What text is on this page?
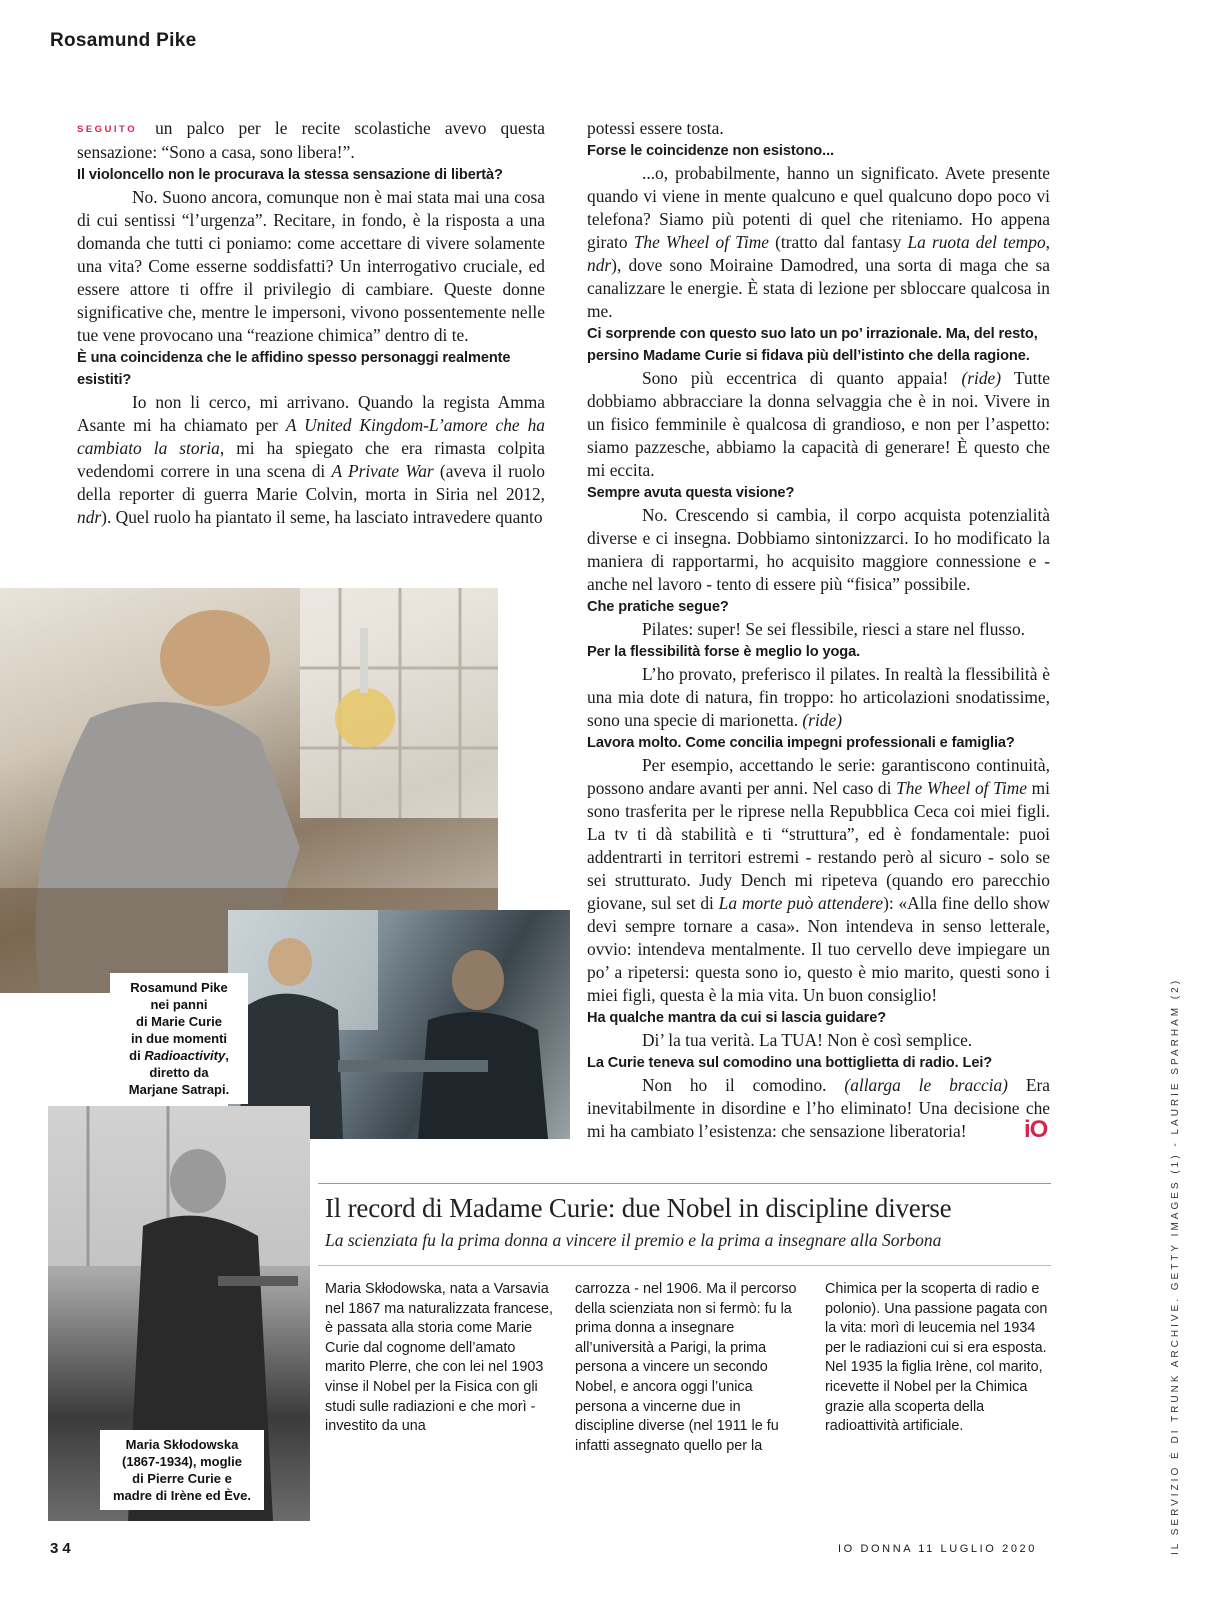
Rosamund Pike

SEGUITO un palco per le recite scolastiche avevo questa sensazione: “Sono a casa, sono libera!”.

Il violoncello non le procurava la stessa sensazione di libertà?

No. Suono ancora, comunque non è mai stata mai una cosa di cui sentissi “l’urgenza”. Recitare, in fondo, è la risposta a una domanda che tutti ci poniamo: come accettare di vivere solamente una vita? Come esserne soddisfatti? Un interrogativo cruciale, ed essere attore ti offre il privilegio di cambiare. Queste donne significative che, mentre le impersoni, vivono possentemente nelle tue vene provocano una “reazione chimica” dentro di te.

È una coincidenza che le affidino spesso personaggi realmente esistiti?

Io non li cerco, mi arrivano. Quando la regista Amma Asante mi ha chiamato per A United Kingdom-L’amore che ha cambiato la storia, mi ha spiegato che era rimasta colpita vedendomi correre in una scena di A Private War (aveva il ruolo della reporter di guerra Marie Colvin, morta in Siria nel 2012, ndr). Quel ruolo ha piantato il seme, ha lasciato intravedere quanto

potessi essere tosta.

Forse le coincidenze non esistono...

...o, probabilmente, hanno un significato. Avete presente quando vi viene in mente qualcuno e quel qualcuno dopo poco vi telefona? Siamo più potenti di quel che riteniamo. Ho appena girato The Wheel of Time (tratto dal fantasy La ruota del tempo, ndr), dove sono Moiraine Damodred, una sorta di maga che sa canalizzare le energie. È stata di lezione per sbloccare qualcosa in me.

Ci sorprende con questo suo lato un po’ irrazionale. Ma, del resto, persino Madame Curie si fidava più dell’istinto che della ragione.

Sono più eccentrica di quanto appaia! (ride) Tutte dobbiamo abbracciare la donna selvaggia che è in noi. Vivere in un fisico femminile è qualcosa di grandioso, e non per l’aspetto: siamo pazzesche, abbiamo la capacità di generare! È questo che mi eccita.

Sempre avuta questa visione?

No. Crescendo si cambia, il corpo acquista potenzialità diverse e ci insegna. Dobbiamo sintonizzarci. Io ho modificato la maniera di rapportarmi, ho acquisito maggiore connessione e - anche nel lavoro - tento di essere più “fisica” possibile.

Che pratiche segue?

Pilates: super! Se sei flessibile, riesci a stare nel flusso.

Per la flessibilità forse è meglio lo yoga.

L’ho provato, preferisco il pilates. In realtà la flessibilità è una mia dote di natura, fin troppo: ho articolazioni snodatissime, sono una specie di marionetta. (ride)

Lavora molto. Come concilia impegni professionali e famiglia?

Per esempio, accettando le serie: garantiscono continuità, possono andare avanti per anni. Nel caso di The Wheel of Time mi sono trasferita per le riprese nella Repubblica Ceca coi miei figli. La tv ti dà stabilità e ti “struttura”, ed è fondamentale: puoi addentrarti in territori estremi - restando però al sicuro - solo se sei strutturato. Judy Dench mi ripeteva (quando ero parecchio giovane, sul set di La morte può attendere): «Alla fine dello show devi sempre tornare a casa». Non intendeva in senso letterale, ovvio: intendeva mentalmente. Il tuo cervello deve impiegare un po’ a ripetersi: questa sono io, questo è mio marito, questi sono i miei figli, questa è la mia vita. Un buon consiglio!

Ha qualche mantra da cui si lascia guidare?

Di’ la tua verità. La TUA! Non è così semplice.

La Curie teneva sul comodino una bottiglietta di radio. Lei?

Non ho il comodino. (allarga le braccia) Era inevitabilmente in disordine e l’ho eliminato! Una decisione che mi ha cambiato l’esistenza: che sensazione liberatoria!	iO
Rosamund Pike
nei panni
di Marie Curie
in due momenti
di Radioactivity,
diretto da
Marjane Satrapi.
Maria Skłodowska
(1867-1934), moglie
di Pierre Curie e
madre di Irène ed Ève.
Il record di Madame Curie: due Nobel in discipline diverse
La scienziata fu la prima donna a vincere il premio e la prima a insegnare alla Sorbona

Maria Skłodowska, nata a Varsavia nel 1867 ma naturalizzata francese, è passata alla storia come Marie Curie dal cognome dell’amato marito Plerre, che con lei nel 1903 vinse il Nobel per la Fisica con gli studi sulle radiazioni e che morì - investito da una

carrozza - nel 1906. Ma il percorso della scienziata non si fermò: fu la prima donna a insegnare all’università a Parigi, la prima persona a vincere un secondo Nobel, e ancora oggi l’unica persona a vincerne due in discipline diverse (nel 1911 le fu infatti assegnato quello per la

Chimica per la scoperta di radio e polonio). Una passione pagata con la vita: morì di leucemia nel 1934 per le radiazioni cui si era esposta. Nel 1935 la figlia Irène, col marito, ricevette il Nobel per la Chimica grazie alla scoperta della radioattività artificiale.

34	IO DONNA 11 LUGLIO 2020	IL SERVIZIO È DI TRUNK ARCHIVE. GETTY IMAGES (1) - LAURIE SPARHAM (2)
